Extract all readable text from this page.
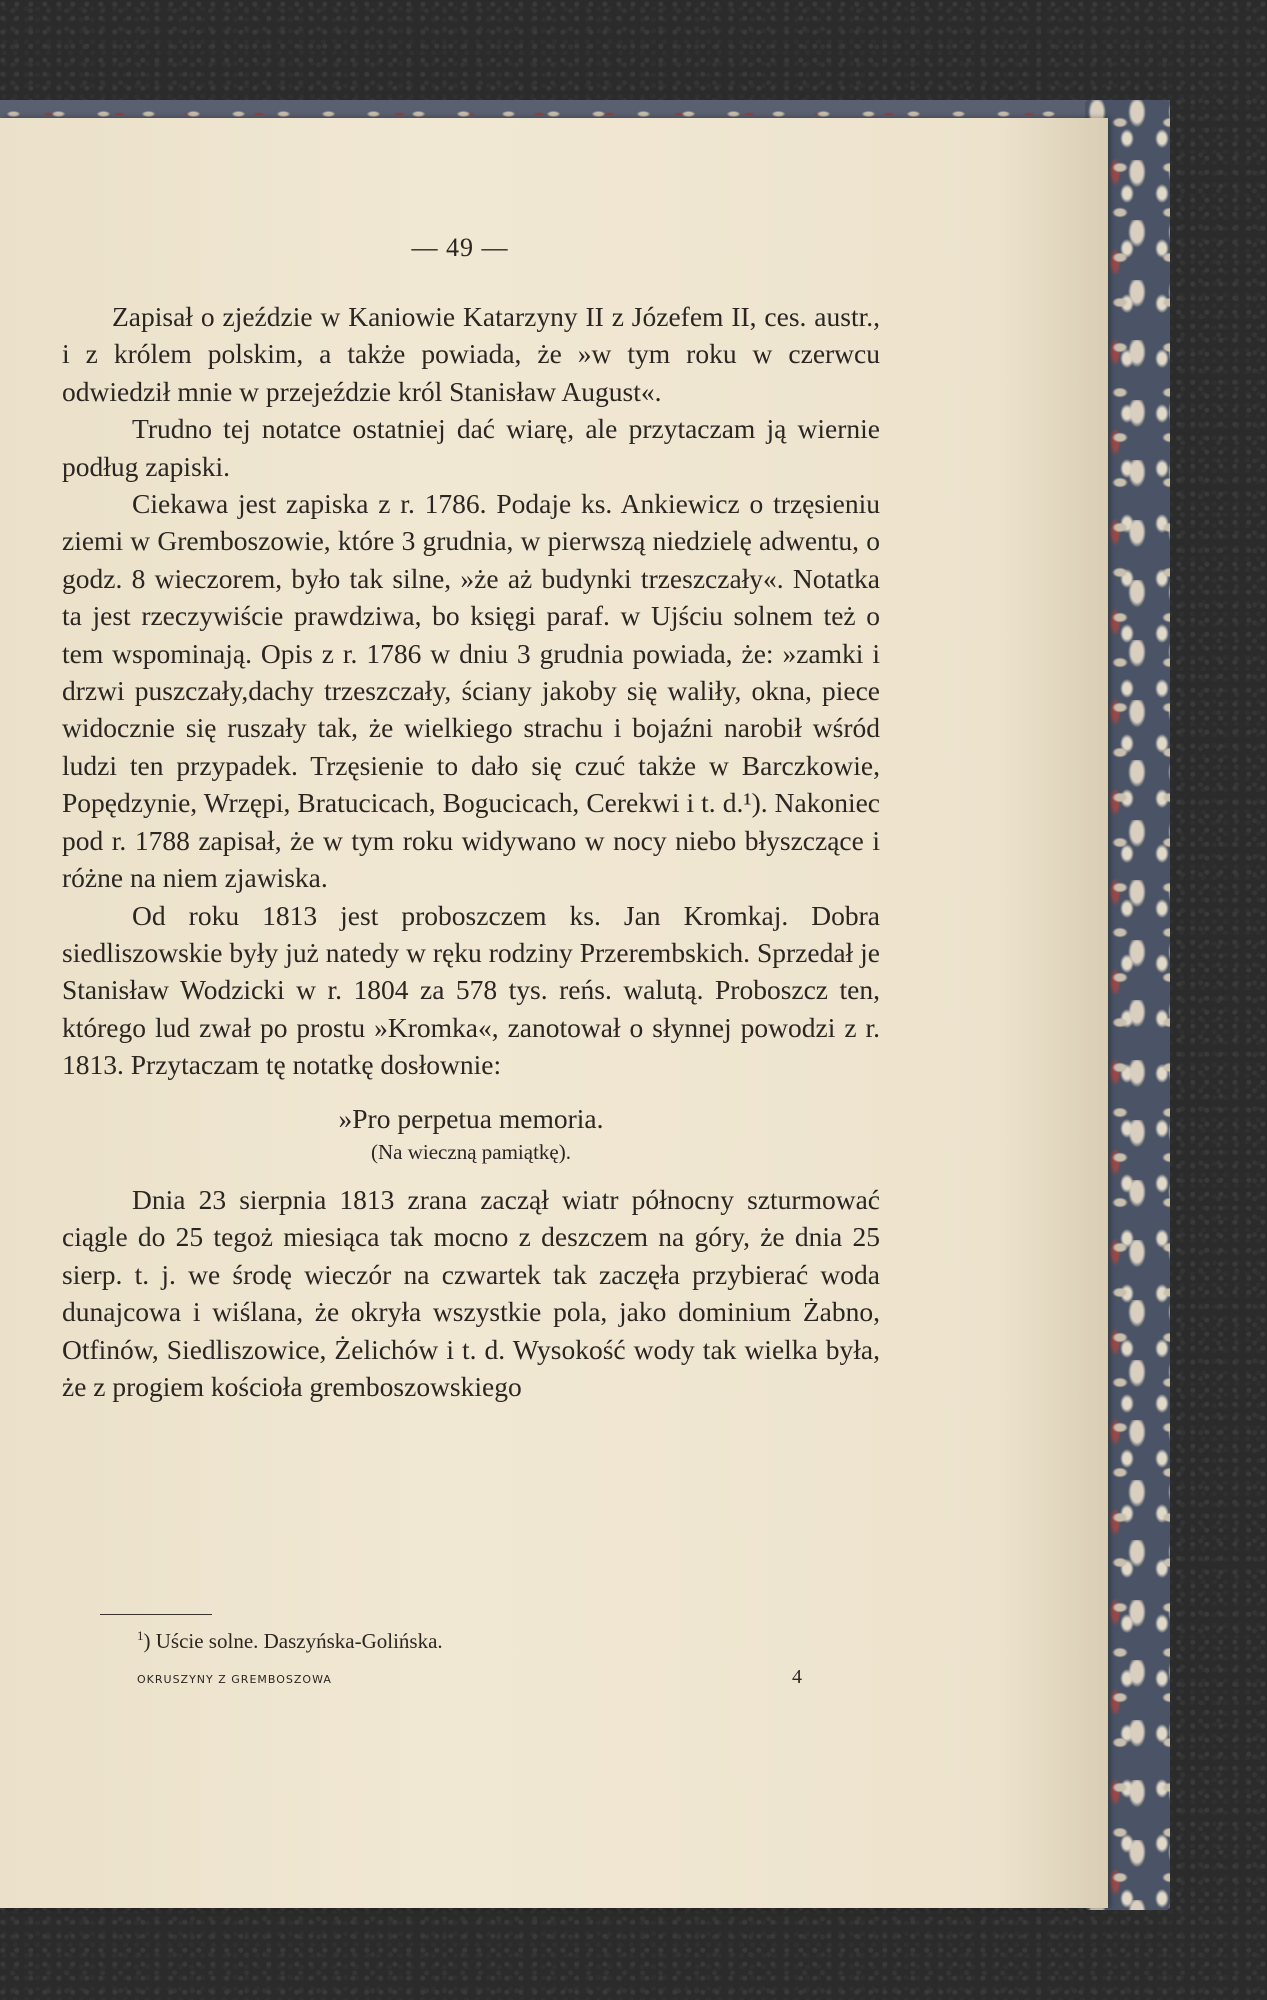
— 49 —

Zapisał o zjeździe w Kaniowie Katarzyny II z Józefem II, ces. austr., i z królem polskim, a także powiada, że »w tym roku w czerwcu odwiedził mnie w przejeździe król Stanisław August«.

Trudno tej notatce ostatniej dać wiarę, ale przytaczam ją wiernie podług zapiski.

Ciekawa jest zapiska z r. 1786. Podaje ks. Ankiewicz o trzęsieniu ziemi w Gremboszowie, które 3 grudnia, w pierwszą niedzielę adwentu, o godz. 8 wieczorem, było tak silne, »że aż budynki trzeszczały«. Notatka ta jest rzeczywiście prawdziwa, bo księgi paraf. w Ujściu solnem też o tem wspominają. Opis z r. 1786 w dniu 3 grudnia powiada, że: »zamki i drzwi puszczały,dachy trzeszczały, ściany jakoby się waliły, okna, piece widocznie się ruszały tak, że wielkiego strachu i bojaźni narobił wśród ludzi ten przypadek. Trzęsienie to dało się czuć także w Barczkowie, Popędzynie, Wrzępi, Bratucicach, Bogucicach, Cerekwi i t. d.¹). Nakoniec pod r. 1788 zapisał, że w tym roku widywano w nocy niebo błyszczące i różne na niem zjawiska.

Od roku 1813 jest proboszczem ks. Jan Kromkaj. Dobra siedliszowskie były już natedy w ręku rodziny Przerembskich. Sprzedał je Stanisław Wodzicki w r. 1804 za 578 tys. reńs. walutą. Proboszcz ten, którego lud zwał po prostu »Kromka«, zanotował o słynnej powodzi z r. 1813. Przytaczam tę notatkę dosłownie:

»Pro perpetua memoria.

(Na wieczną pamiątkę).

Dnia 23 sierpnia 1813 zrana zaczął wiatr północny szturmować ciągle do 25 tegoż miesiąca tak mocno z deszczem na góry, że dnia 25 sierp. t. j. we środę wieczór na czwartek tak zaczęła przybierać woda dunajcowa i wiślana, że okryła wszystkie pola, jako dominium Żabno, Otfinów, Siedliszowice, Żelichów i t. d. Wysokość wody tak wielka była, że z progiem kościoła gremboszowskiego

$^1$) Uście solne. Daszyńska-Golińska.
OKRUSZYNY Z GREMBOSZOWA	4
